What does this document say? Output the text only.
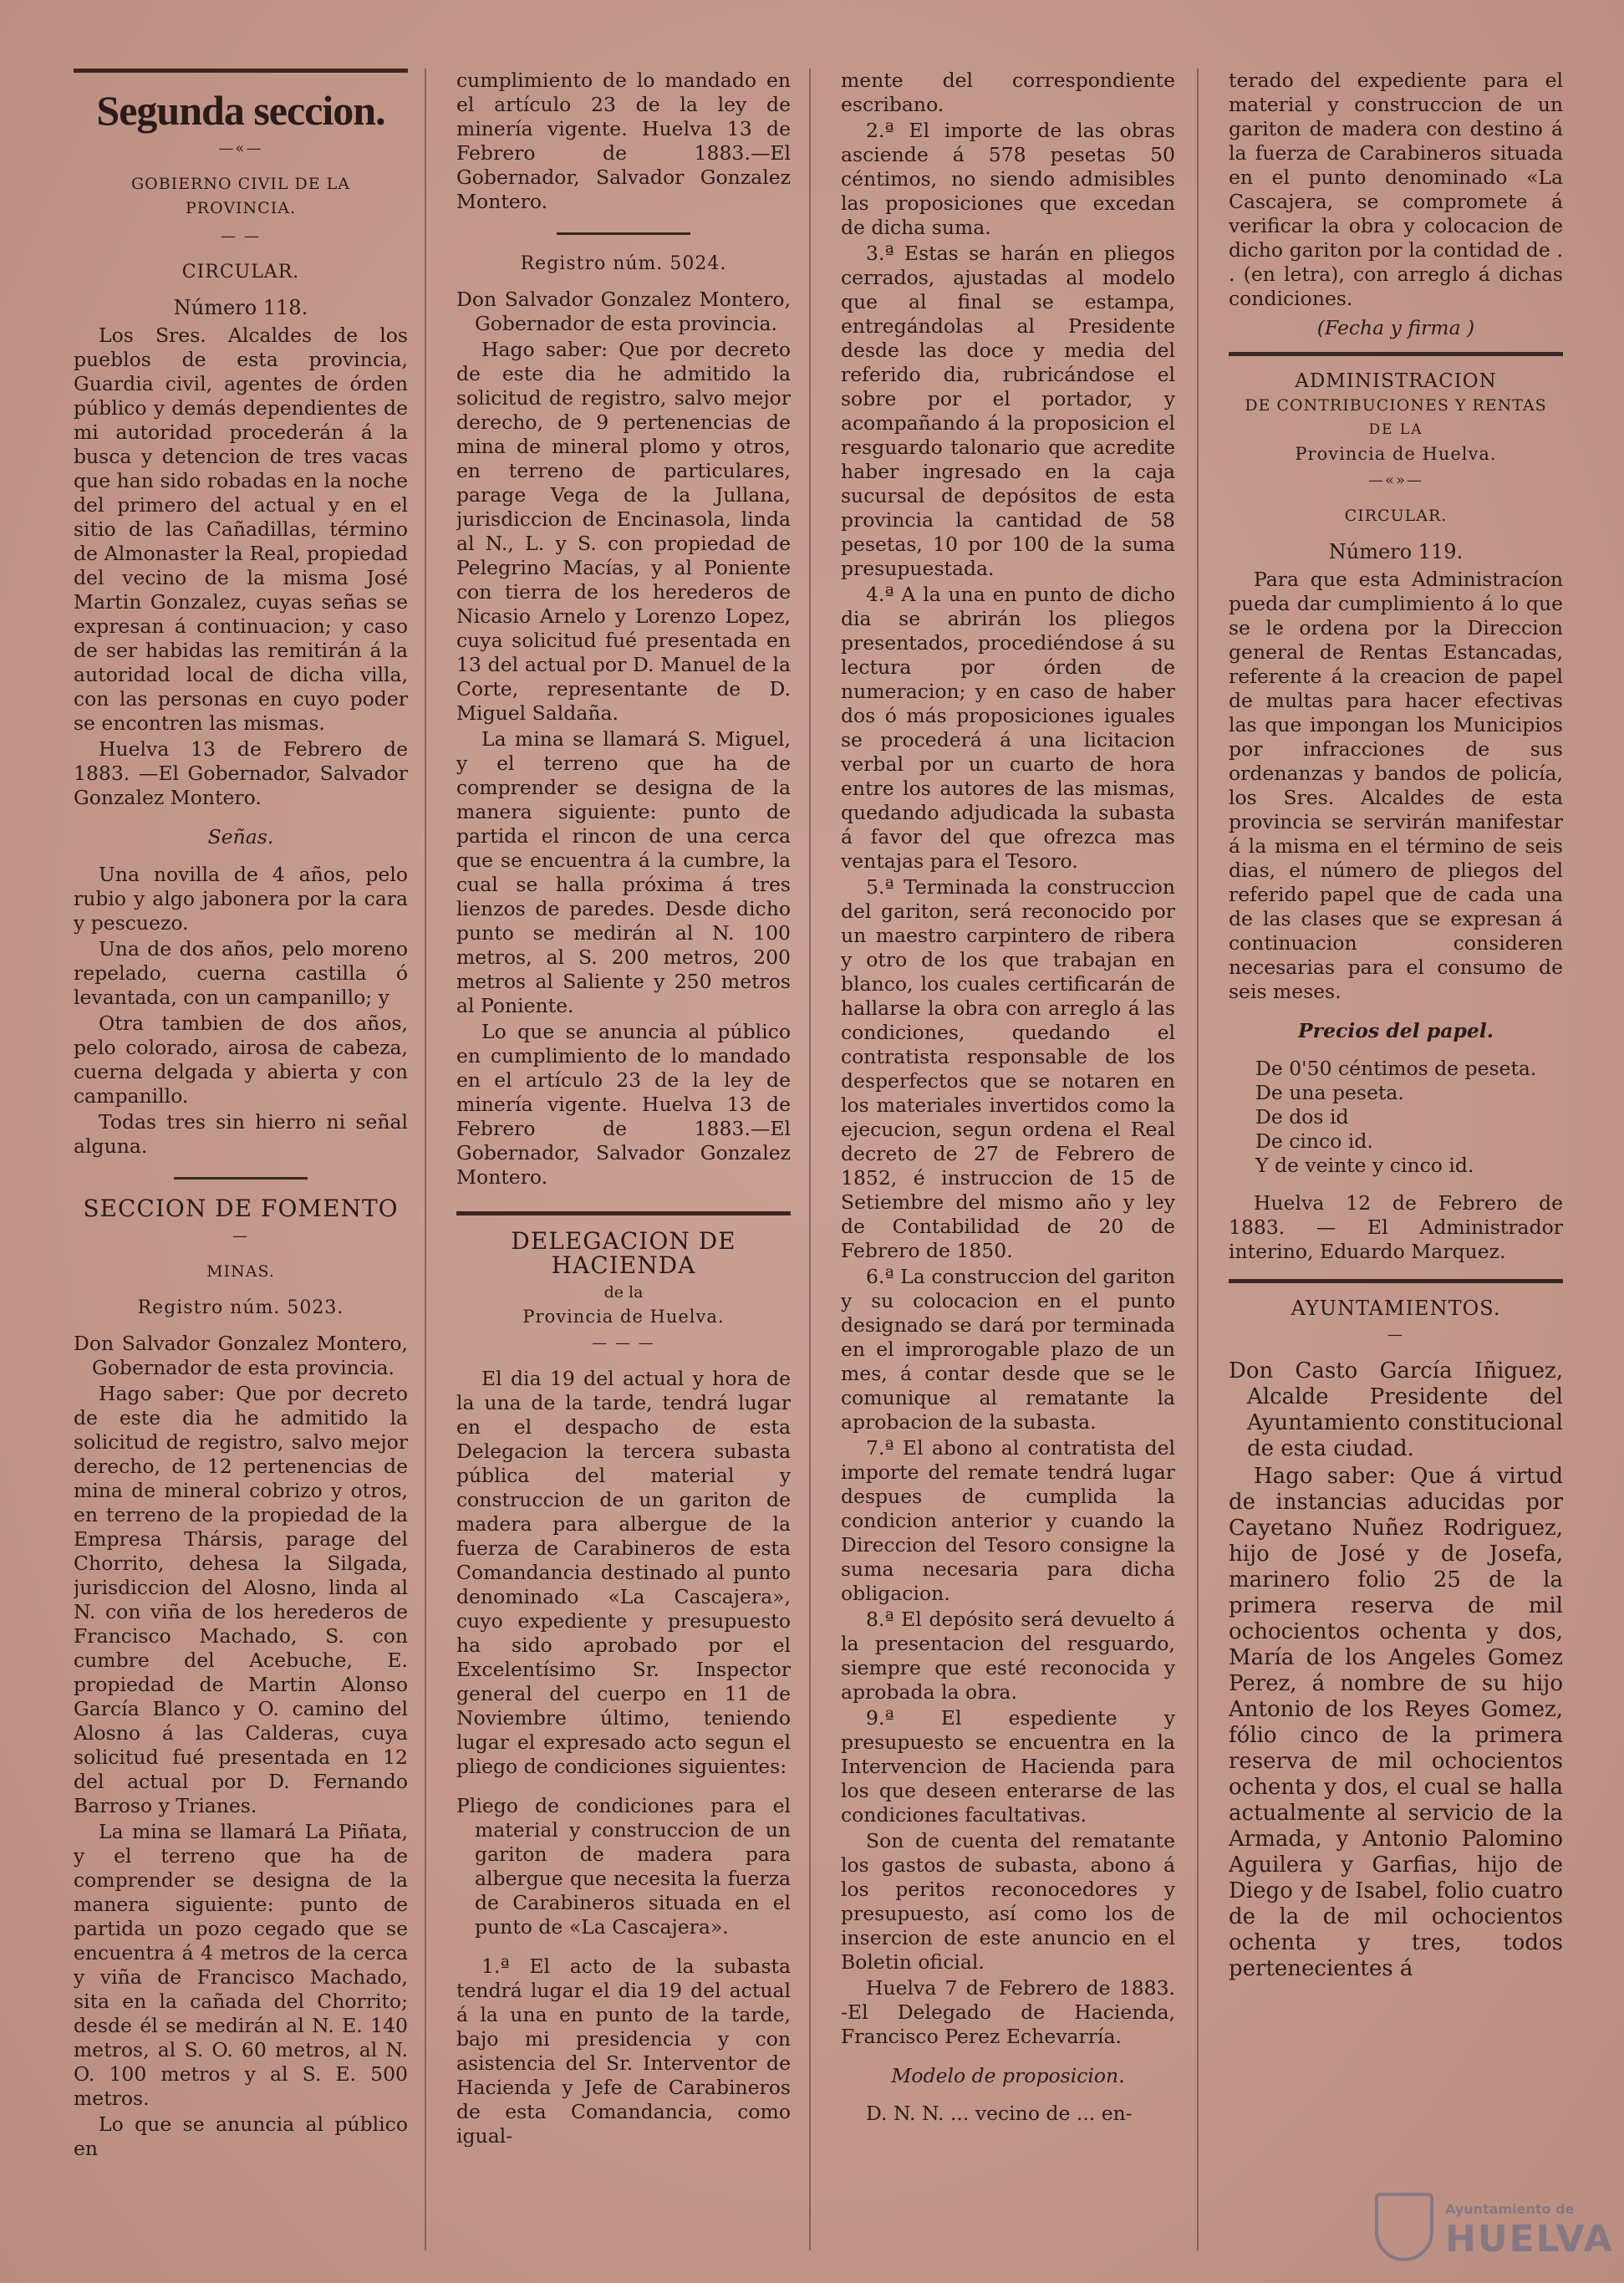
Segunda seccion.
—«—
GOBIERNO CIVIL DE LA PROVINCIA.
— —
CIRCULAR.
Número 118.

Los Sres. Alcaldes de los pueblos de esta provincia, Guardia civil, agentes de órden público y demás dependientes de mi autoridad procederán á la busca y detencion de tres vacas que han sido robadas en la noche del primero del actual y en el sitio de las Cañadillas, término de Almonaster la Real, propiedad del vecino de la misma José Martin Gonzalez, cuyas señas se expresan á continuacion; y caso de ser habidas las remitirán á la autoridad local de dicha villa, con las personas en cuyo poder se encontren las mismas.

Huelva 13 de Febrero de 1883. —El Gobernador, Salvador Gonzalez Montero.

Señas.

Una novilla de 4 años, pelo rubio y algo jabonera por la cara y pescuezo.

Una de dos años, pelo moreno repelado, cuerna castilla ó levantada, con un campanillo; y

Otra tambien de dos años, pelo colorado, airosa de cabeza, cuerna delgada y abierta y con campanillo.

Todas tres sin hierro ni señal alguna.

SECCION DE FOMENTO
—
MINAS.
Registro núm. 5023.

Don Salvador Gonzalez Montero, Gobernador de esta provincia.

Hago saber: Que por decreto de este dia he admitido la solicitud de registro, salvo mejor derecho, de 12 pertenencias de mina de mineral cobrizo y otros, en terreno de la propiedad de la Empresa Thársis, parage del Chorrito, dehesa la Silgada, jurisdiccion del Alosno, linda al N. con viña de los herederos de Francisco Machado, S. con cumbre del Acebuche, E. propiedad de Martin Alonso García Blanco y O. camino del Alosno á las Calderas, cuya solicitud fué presentada en 12 del actual por D. Fernando Barroso y Trianes.

La mina se llamará La Piñata, y el terreno que ha de comprender se designa de la manera siguiente: punto de partida un pozo cegado que se encuentra á 4 metros de la cerca y viña de Francisco Machado, sita en la cañada del Chorrito; desde él se medirán al N. E. 140 metros, al S. O. 60 metros, al N. O. 100 metros y al S. E. 500 metros.

Lo que se anuncia al público en

cumplimiento de lo mandado en el artículo 23 de la ley de minería vigente. Huelva 13 de Febrero de 1883.—El Gobernador, Salvador Gonzalez Montero.

Registro núm. 5024.

Don Salvador Gonzalez Montero, Gobernador de esta provincia.

Hago saber: Que por decreto de este dia he admitido la solicitud de registro, salvo mejor derecho, de 9 pertenencias de mina de mineral plomo y otros, en terreno de particulares, parage Vega de la Jullana, jurisdiccion de Encinasola, linda al N., L. y S. con propiedad de Pelegrino Macías, y al Poniente con tierra de los herederos de Nicasio Arnelo y Lorenzo Lopez, cuya solicitud fué presentada en 13 del actual por D. Manuel de la Corte, representante de D. Miguel Saldaña.

La mina se llamará S. Miguel, y el terreno que ha de comprender se designa de la manera siguiente: punto de partida el rincon de una cerca que se encuentra á la cumbre, la cual se halla próxima á tres lienzos de paredes. Desde dicho punto se medirán al N. 100 metros, al S. 200 metros, 200 metros al Saliente y 250 metros al Poniente.

Lo que se anuncia al público en cumplimiento de lo mandado en el artículo 23 de la ley de minería vigente. Huelva 13 de Febrero de 1883.—El Gobernador, Salvador Gonzalez Montero.

DELEGACION DE HACIENDA
de la
Provincia de Huelva.
— — —

El dia 19 del actual y hora de la una de la tarde, tendrá lugar en el despacho de esta Delegacion la tercera subasta pública del material y construccion de un gariton de madera para albergue de la fuerza de Carabineros de esta Comandancia destinado al punto denominado «La Cascajera», cuyo expediente y presupuesto ha sido aprobado por el Excelentísimo Sr. Inspector general del cuerpo en 11 de Noviembre último, teniendo lugar el expresado acto segun el pliego de condiciones siguientes:

Pliego de condiciones para el material y construccion de un gariton de madera para albergue que necesita la fuerza de Carabineros situada en el punto de «La Cascajera».

1.ª El acto de la subasta tendrá lugar el dia 19 del actual á la una en punto de la tarde, bajo mi presidencia y con asistencia del Sr. Interventor de Hacienda y Jefe de Carabineros de esta Comandancia, como igual-

mente del correspondiente escribano.

2.ª El importe de las obras asciende á 578 pesetas 50 céntimos, no siendo admisibles las proposiciones que excedan de dicha suma.

3.ª Estas se harán en pliegos cerrados, ajustadas al modelo que al final se estampa, entregándolas al Presidente desde las doce y media del referido dia, rubricándose el sobre por el portador, y acompañando á la proposicion el resguardo talonario que acredite haber ingresado en la caja sucursal de depósitos de esta provincia la cantidad de 58 pesetas, 10 por 100 de la suma presupuestada.

4.ª A la una en punto de dicho dia se abrirán los pliegos presentados, procediéndose á su lectura por órden de numeracion; y en caso de haber dos ó más proposiciones iguales se procederá á una licitacion verbal por un cuarto de hora entre los autores de las mismas, quedando adjudicada la subasta á favor del que ofrezca mas ventajas para el Tesoro.

5.ª Terminada la construccion del gariton, será reconocido por un maestro carpintero de ribera y otro de los que trabajan en blanco, los cuales certificarán de hallarse la obra con arreglo á las condiciones, quedando el contratista responsable de los desperfectos que se notaren en los materiales invertidos como la ejecucion, segun ordena el Real decreto de 27 de Febrero de 1852, é instruccion de 15 de Setiembre del mismo año y ley de Contabilidad de 20 de Febrero de 1850.

6.ª La construccion del gariton y su colocacion en el punto designado se dará por terminada en el improrogable plazo de un mes, á contar desde que se le comunique al rematante la aprobacion de la subasta.

7.ª El abono al contratista del importe del remate tendrá lugar despues de cumplida la condicion anterior y cuando la Direccion del Tesoro consigne la suma necesaria para dicha obligacion.

8.ª El depósito será devuelto á la presentacion del resguardo, siempre que esté reconocida y aprobada la obra.

9.ª El espediente y presupuesto se encuentra en la Intervencion de Hacienda para los que deseen enterarse de las condiciones facultativas.

Son de cuenta del rematante los gastos de subasta, abono á los peritos reconocedores y presupuesto, así como los de insercion de este anuncio en el Boletin oficial.

Huelva 7 de Febrero de 1883. -El Delegado de Hacienda, Francisco Perez Echevarría.

Modelo de proposicion.

D. N. N. ... vecino de ... en-

terado del expediente para el material y construccion de un gariton de madera con destino á la fuerza de Carabineros situada en el punto denominado «La Cascajera, se compromete á verificar la obra y colocacion de dicho gariton por la contidad de . . (en letra), con arreglo á dichas condiciones.

(Fecha y firma )
ADMINISTRACION
DE CONTRIBUCIONES Y RENTAS
DE LA
Provincia de Huelva.
—«»—
CIRCULAR.
Número 119.

Para que esta Administracíon pueda dar cumplimiento á lo que se le ordena por la Direccion general de Rentas Estancadas, referente á la creacion de papel de multas para hacer efectivas las que impongan los Municipios por infracciones de sus ordenanzas y bandos de policía, los Sres. Alcaldes de esta provincia se servirán manifestar á la misma en el término de seis dias, el número de pliegos del referido papel que de cada una de las clases que se expresan á continuacion consideren necesarias para el consumo de seis meses.

Precios del papel.

De 0'50 céntimos de peseta.

De una peseta.

De dos id

De cinco id.

Y de veinte y cinco id.

Huelva 12 de Febrero de 1883. — El Administrador interino, Eduardo Marquez.

AYUNTAMIENTOS.
—

Don Casto García Iñiguez, Alcalde Presidente del Ayuntamiento constitucional de esta ciudad.

Hago saber: Que á virtud de instancias aducidas por Cayetano Nuñez Rodriguez, hijo de José y de Josefa, marinero folio 25 de la primera reserva de mil ochocientos ochenta y dos, María de los Angeles Gomez Perez, á nombre de su hijo Antonio de los Reyes Gomez, fólio cinco de la primera reserva de mil ochocientos ochenta y dos, el cual se halla actualmente al servicio de la Armada, y Antonio Palomino Aguilera y Garfias, hijo de Diego y de Isabel, folio cuatro de la de mil ochocientos ochenta y tres, todos pertenecientes á

Ayuntamiento de
HUELVA
